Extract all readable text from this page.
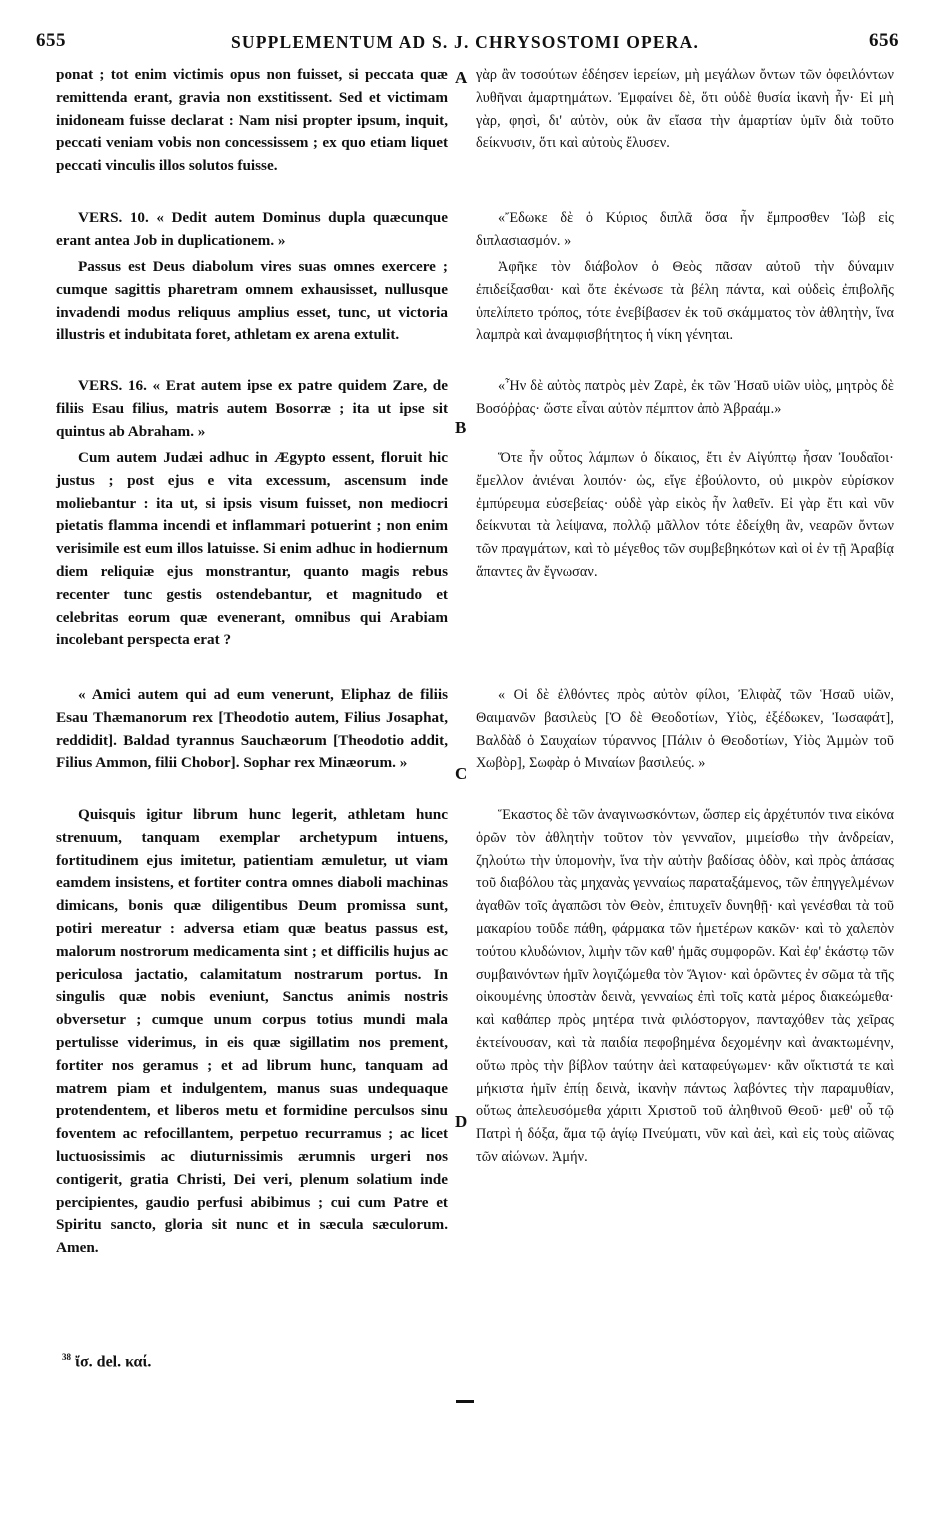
655	SUPPLEMENTUM AD S. J. CHRYSOSTOMI OPERA.	656

ponat ; tot enim victimis opus non fuisset, si peccata quæ remittenda erant, gravia non exstitissent. Sed et victimam inidoneam fuisse declarat : Nam nisi propter ipsum, inquit, peccati veniam vobis non concessissem ; ex quo etiam liquet peccati vinculis illos solutos fuisse.

VERS. 10. « Dedit autem Dominus dupla quæcunque erant antea Job in duplicationem. »

Passus est Deus diabolum vires suas omnes exercere ; cumque sagittis pharetram omnem exhausisset, nullusque invadendi modus reliquus amplius esset, tunc, ut victoria illustris et indubitata foret, athletam ex arena extulit.

VERS. 16. « Erat autem ipse ex patre quidem Zare, de filiis Esau filius, matris autem Bosorræ ; ita ut ipse sit quintus ab Abraham. »

Cum autem Judæi adhuc in Ægypto essent, floruit hic justus ; post ejus e vita excessum, ascensum inde moliebantur : ita ut, si ipsis visum fuisset, non mediocri pietatis flamma incendi et inflammari potuerint ; non enim verisimile est eum illos latuisse. Si enim adhuc in hodiernum diem reliquiæ ejus monstrantur, quanto magis rebus recenter tunc gestis ostendebantur, et magnitudo et celebritas eorum quæ evenerant, omnibus qui Arabiam incolebant perspecta erat ?

« Amici autem qui ad eum venerunt, Eliphaz de filiis Esau Thæmanorum rex [Theodotio autem, Filius Josaphat, reddidit]. Baldad tyrannus Sauchæorum [Theodotio addit, Filius Ammon, filii Chobor]. Sophar rex Minæorum. »

Quisquis igitur librum hunc legerit, athletam hunc strenuum, tanquam exemplar archetypum intuens, fortitudinem ejus imitetur, patientiam æmuletur, ut viam eamdem insistens, et fortiter contra omnes diaboli machinas dimicans, bonis quæ diligentibus Deum promissa sunt, potiri mereatur : adversa etiam quæ beatus passus est, malorum nostrorum medicamenta sint ; et difficilis hujus ac periculosa jactatio, calamitatum nostrarum portus. In singulis quæ nobis eveniunt, Sanctus animis nostris obversetur ; cumque unum corpus totius mundi mala pertulisse viderimus, in eis quæ sigillatim nos prement, fortiter nos geramus ; et ad librum hunc, tanquam ad matrem piam et indulgentem, manus suas undequaque protendentem, et liberos metu et formidine perculsos sinu foventem ac refocillantem, perpetuo recurramus ; ac licet luctuosissimis ac diuturnissimis ærumnis urgeri nos contigerit, gratia Christi, Dei veri, plenum solatium inde percipientes, gaudio perfusi abibimus ; cui cum Patre et Spiritu sancto, gloria sit nunc et in sæcula sæculorum. Amen.

A
B
C
D

γὰρ ἂν τοσούτων ἐδέησεν ἱερείων, μὴ μεγάλων ὄντων τῶν ὀφειλόντων λυθῆναι ἁμαρτημάτων. Ἐμφαίνει δὲ, ὅτι οὐδὲ θυσία ἱκανὴ ἦν· Εἰ μὴ γὰρ, φησὶ, δι' αὐτὸν, οὐκ ἂν εἴασα τὴν ἁμαρτίαν ὑμῖν διὰ τοῦτο δείκνυσιν, ὅτι καὶ αὐτοὺς ἔλυσεν.

«Ἔδωκε δὲ ὁ Κύριος διπλᾶ ὅσα ἦν ἔμπροσθεν Ἰὼβ εἰς διπλασιασμόν. »

Ἀφῆκε τὸν διάβολον ὁ Θεὸς πᾶσαν αὐτοῦ τὴν δύναμιν ἐπιδείξασθαι· καὶ ὅτε ἐκένωσε τὰ βέλη πάντα, καὶ οὐδεὶς ἐπιβολῆς ὑπελίπετο τρόπος, τότε ἐνεβίβασεν ἐκ τοῦ σκάμματος τὸν ἀθλητὴν, ἵνα λαμπρὰ καὶ ἀναμφισβήτητος ἡ νίκη γένηται.

«Ἦν δὲ αὐτὸς πατρὸς μὲν Ζαρὲ, ἐκ τῶν Ἡσαῦ υἱῶν υἱὸς, μητρὸς δὲ Βοσόῤῥας· ὥστε εἶναι αὐτὸν πέμπτον ἀπὸ Ἀβραάμ.»

Ὅτε ἦν οὗτος λάμπων ὁ δίκαιος, ἔτι ἐν Αἰγύπτῳ ἦσαν Ἰουδαῖοι· ἔμελλον ἀνιέναι λοιπόν· ὡς, εἴγε ἐβούλοντο, οὐ μικρὸν εὑρίσκον ἐμπύρευμα εὐσεβείας· οὐδὲ γὰρ εἰκὸς ἦν λαθεῖν. Εἰ γὰρ ἔτι καὶ νῦν δείκνυται τὰ λείψανα, πολλῷ μᾶλλον τότε ἐδείχθη ἂν, νεαρῶν ὄντων τῶν πραγμάτων, καὶ τὸ μέγεθος τῶν συμβεβηκότων καὶ οἱ ἐν τῇ Ἀραβίᾳ ἅπαντες ἂν ἔγνωσαν.

« Οἱ δὲ ἐλθόντες πρὸς αὐτὸν φίλοι, Ἐλιφὰζ τῶν Ἡσαῦ υἱῶν, Θαιμανῶν βασιλεὺς [Ὁ δὲ Θεοδοτίων, Υἱὸς, ἐξέδωκεν, Ἰωσαφάτ], Βαλδὰδ ὁ Σαυχαίων τύραννος [Πάλιν ὁ Θεοδοτίων, Υἱὸς Ἀμμὼν τοῦ Χωβὸρ], Σωφὰρ ὁ Μιναίων βασιλεύς. »

Ἕκαστος δὲ τῶν ἀναγινωσκόντων, ὥσπερ εἰς ἀρχέτυπόν τινα εἰκόνα ὁρῶν τὸν ἀθλητὴν τοῦτον τὸν γενναῖον, μιμείσθω τὴν ἀνδρείαν, ζηλούτω τὴν ὑπομονὴν, ἵνα τὴν αὐτὴν βαδίσας ὁδὸν, καὶ πρὸς ἁπάσας τοῦ διαβόλου τὰς μηχανὰς γενναίως παραταξάμενος, τῶν ἐπηγγελμένων ἀγαθῶν τοῖς ἀγαπῶσι τὸν Θεὸν, ἐπιτυχεῖν δυνηθῇ· καὶ γενέσθαι τὰ τοῦ μακαρίου τοῦδε πάθη, φάρμακα τῶν ἡμετέρων κακῶν· καὶ τὸ χαλεπὸν τούτου κλυδώνιον, λιμὴν τῶν καθ' ἡμᾶς συμφορῶν. Καὶ ἐφ' ἑκάστῳ τῶν συμβαινόντων ἡμῖν λογιζώμεθα τὸν Ἅγιον· καὶ ὁρῶντες ἐν σῶμα τὰ τῆς οἰκουμένης ὑποστὰν δεινὰ, γενναίως ἐπὶ τοῖς κατὰ μέρος διακεώμεθα· καὶ καθάπερ πρὸς μητέρα τινὰ φιλόστοργον, πανταχόθεν τὰς χεῖρας ἐκτείνουσαν, καὶ τὰ παιδία πεφοβημένα δεχομένην καὶ ἀνακτωμένην, οὕτω πρὸς τὴν βίβλον ταύτην ἀεὶ καταφεύγωμεν· κἂν οἴκτιστά τε καὶ μήκιστα ἡμῖν ἐπίῃ δεινὰ, ἱκανὴν πάντως λαβόντες τὴν παραμυθίαν, οὕτως ἀπελευσόμεθα χάριτι Χριστοῦ τοῦ ἀληθινοῦ Θεοῦ· μεθ' οὗ τῷ Πατρὶ ἡ δόξα, ἅμα τῷ ἁγίῳ Πνεύματι, νῦν καὶ ἀεὶ, καὶ εἰς τοὺς αἰῶνας τῶν αἰώνων. Ἀμήν.

$^{38}$ ἴσ. del. καί.
